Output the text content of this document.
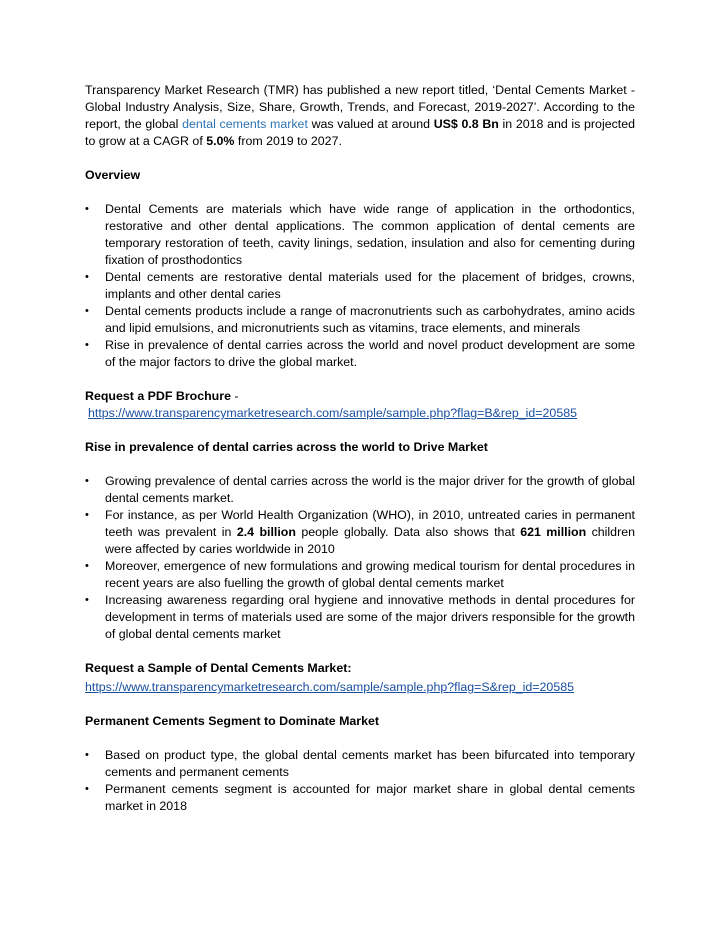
Transparency Market Research (TMR) has published a new report titled, ‘Dental Cements Market - Global Industry Analysis, Size, Share, Growth, Trends, and Forecast, 2019-2027’. According to the report, the global dental cements market was valued at around US$ 0.8 Bn in 2018 and is projected to grow at a CAGR of 5.0% from 2019 to 2027.

Overview

•	Dental Cements are materials which have wide range of application in the orthodontics, restorative and other dental applications. The common application of dental cements are temporary restoration of teeth, cavity linings, sedation, insulation and also for cementing during fixation of prosthodontics
•	Dental cements are restorative dental materials used for the placement of bridges, crowns, implants and other dental caries
•	Dental cements products include a range of macronutrients such as carbohydrates, amino acids and lipid emulsions, and micronutrients such as vitamins, trace elements, and minerals
•	Rise in prevalence of dental carries across the world and novel product development are some of the major factors to drive the global market.

Request a PDF Brochure -

https://www.transparencymarketresearch.com/sample/sample.php?flag=B&rep_id=20585

Rise in prevalence of dental carries across the world to Drive Market

•	Growing prevalence of dental carries across the world is the major driver for the growth of global dental cements market.
•	For instance, as per World Health Organization (WHO), in 2010, untreated caries in permanent teeth was prevalent in 2.4 billion people globally. Data also shows that 621 million children were affected by caries worldwide in 2010
•	Moreover, emergence of new formulations and growing medical tourism for dental procedures in recent years are also fuelling the growth of global dental cements market
•	Increasing awareness regarding oral hygiene and innovative methods in dental procedures for development in terms of materials used are some of the major drivers responsible for the growth of global dental cements market

Request a Sample of Dental Cements Market:

https://www.transparencymarketresearch.com/sample/sample.php?flag=S&rep_id=20585

Permanent Cements Segment to Dominate Market

•	Based on product type, the global dental cements market has been bifurcated into temporary cements and permanent cements
•	Permanent cements segment is accounted for major market share in global dental cements market in 2018
